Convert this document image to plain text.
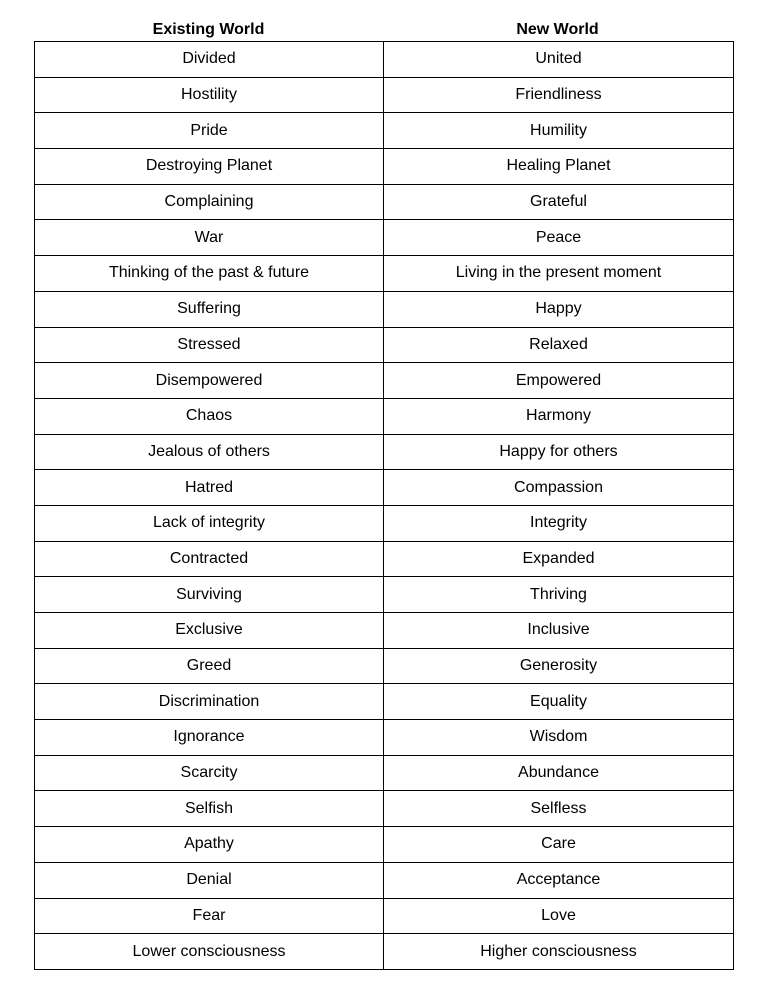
Existing World	New World
Divided	United
Hostility	Friendliness
Pride	Humility
Destroying Planet	Healing Planet
Complaining	Grateful
War	Peace
Thinking of the past & future	Living in the present moment
Suffering	Happy
Stressed	Relaxed
Disempowered	Empowered
Chaos	Harmony
Jealous of others	Happy for others
Hatred	Compassion
Lack of integrity	Integrity
Contracted	Expanded
Surviving	Thriving
Exclusive	Inclusive
Greed	Generosity
Discrimination	Equality
Ignorance	Wisdom
Scarcity	Abundance
Selfish	Selfless
Apathy	Care
Denial	Acceptance
Fear	Love
Lower consciousness	Higher consciousness
